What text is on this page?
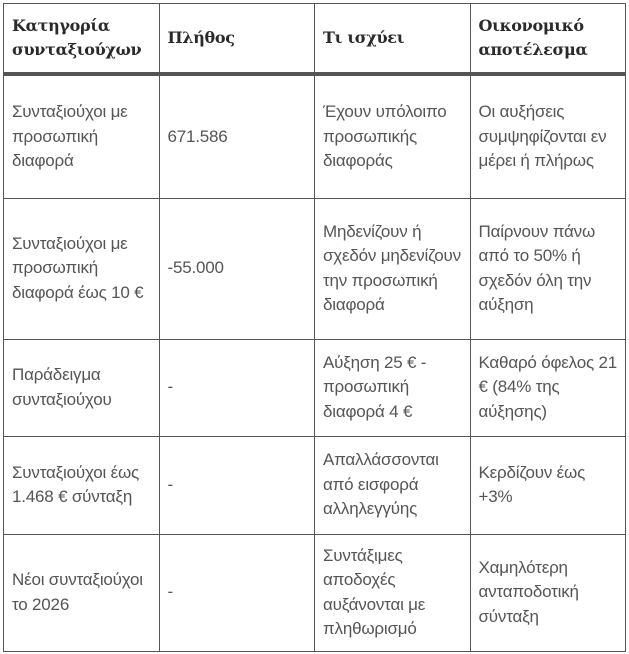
Κατηγορία συνταξιούχων	Πλήθος	Τι ισχύει	Οικονομικό αποτέλεσμα
Συνταξιούχοι με προσωπική διαφορά	671.586	Έχουν υπόλοιπο προσωπικής διαφοράς	Οι αυξήσεις συμψηφίζονται εν μέρει ή πλήρως
Συνταξιούχοι με προσωπική διαφορά έως 10 €	-55.000	Μηδενίζουν ή σχεδόν μηδενίζουν την προσωπική διαφορά	Παίρνουν πάνω από το 50% ή σχεδόν όλη την αύξηση
Παράδειγμα συνταξιούχου	-	Αύξηση 25 € - προσωπική διαφορά 4 €	Καθαρό όφελος 21 € (84% της αύξησης)
Συνταξιούχοι έως 1.468 € σύνταξη	-	Απαλλάσσονται από εισφορά αλληλεγγύης	Κερδίζουν έως +3%
Νέοι συνταξιούχοι το 2026	-	Συντάξιμες αποδοχές αυξάνονται με πληθωρισμό	Χαμηλότερη ανταποδοτική σύνταξη
